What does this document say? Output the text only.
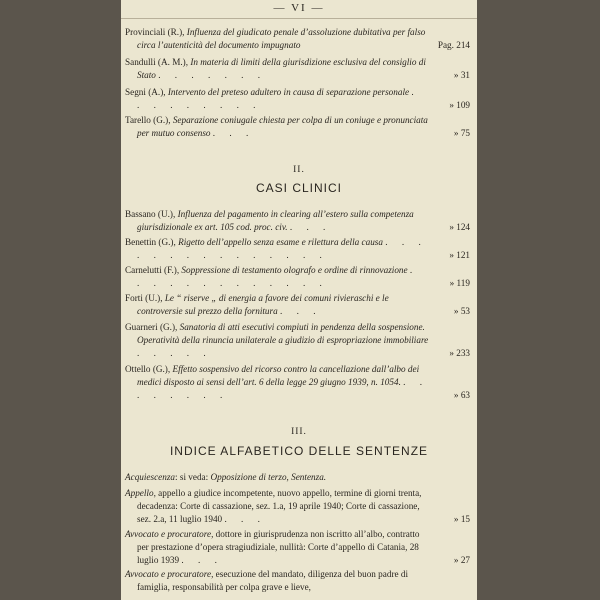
— VI —
Provinciali (R.), Influenza del giudicato penale d’assoluzione dubitativa per falso circa l’autenticità del documento impugnato	Pag. 214
Sandulli (A. M.), In materia di limiti della giurisdizione esclusiva del consiglio di Stato . . . . . . .	» 31
Segni (A.), Intervento del preteso adultero in causa di separazione personale . . . . . . . . .	» 109
Tarello (G.), Separazione coniugale chiesta per colpa di un coniuge e pronunciata per mutuo consenso . . .	» 75
II.
CASI CLINICI
Bassano (U.), Influenza del pagamento in clearing all’estero sulla competenza giurisdizionale ex art. 105 cod. proc. civ. . . .	» 124
Benettin (G.), Rigetto dell’appello senza esame e rilettura della causa . . . . . . . . . . . . . . .	» 121
Carnelutti (F.), Soppressione di testamento olografo e ordine di rinnovazione . . . . . . . . . . . . .	» 119
Forti (U.), Le “ riserve „ di energia a favore dei comuni rivieraschi e le controversie sul prezzo della fornitura . . .	» 53
Guarneri (G.), Sanatoria di atti esecutivi compiuti in pendenza della sospensione. Operatività della rinuncia unilaterale a giudizio di espropriazione immobiliare . . . . .	» 233
Ottello (G.), Effetto sospensivo del ricorso contro la cancellazione dall’albo dei medici disposto ai sensi dell’art. 6 della legge 29 giugno 1939, n. 1054. . . . . . . . .	» 63
III.
INDICE ALFABETICO DELLE SENTENZE
Acquiescenza: si veda: Opposizione di terzo, Sentenza.
Appello, appello a giudice incompetente, nuovo appello, termine di giorni trenta, decadenza: Corte di cassazione, sez. 1.a, 19 aprile 1940; Corte di cassazione, sez. 2.a, 11 luglio 1940 . . .	» 15
Avvocato e procuratore, dottore in giurisprudenza non iscritto all’albo, contratto per prestazione d’opera stragiudiziale, nullità: Corte d’appello di Catania, 28 luglio 1939 . . .	» 27
Avvocato e procuratore, esecuzione del mandato, diligenza del buon padre di famiglia, responsabilità per colpa grave e lieve,
